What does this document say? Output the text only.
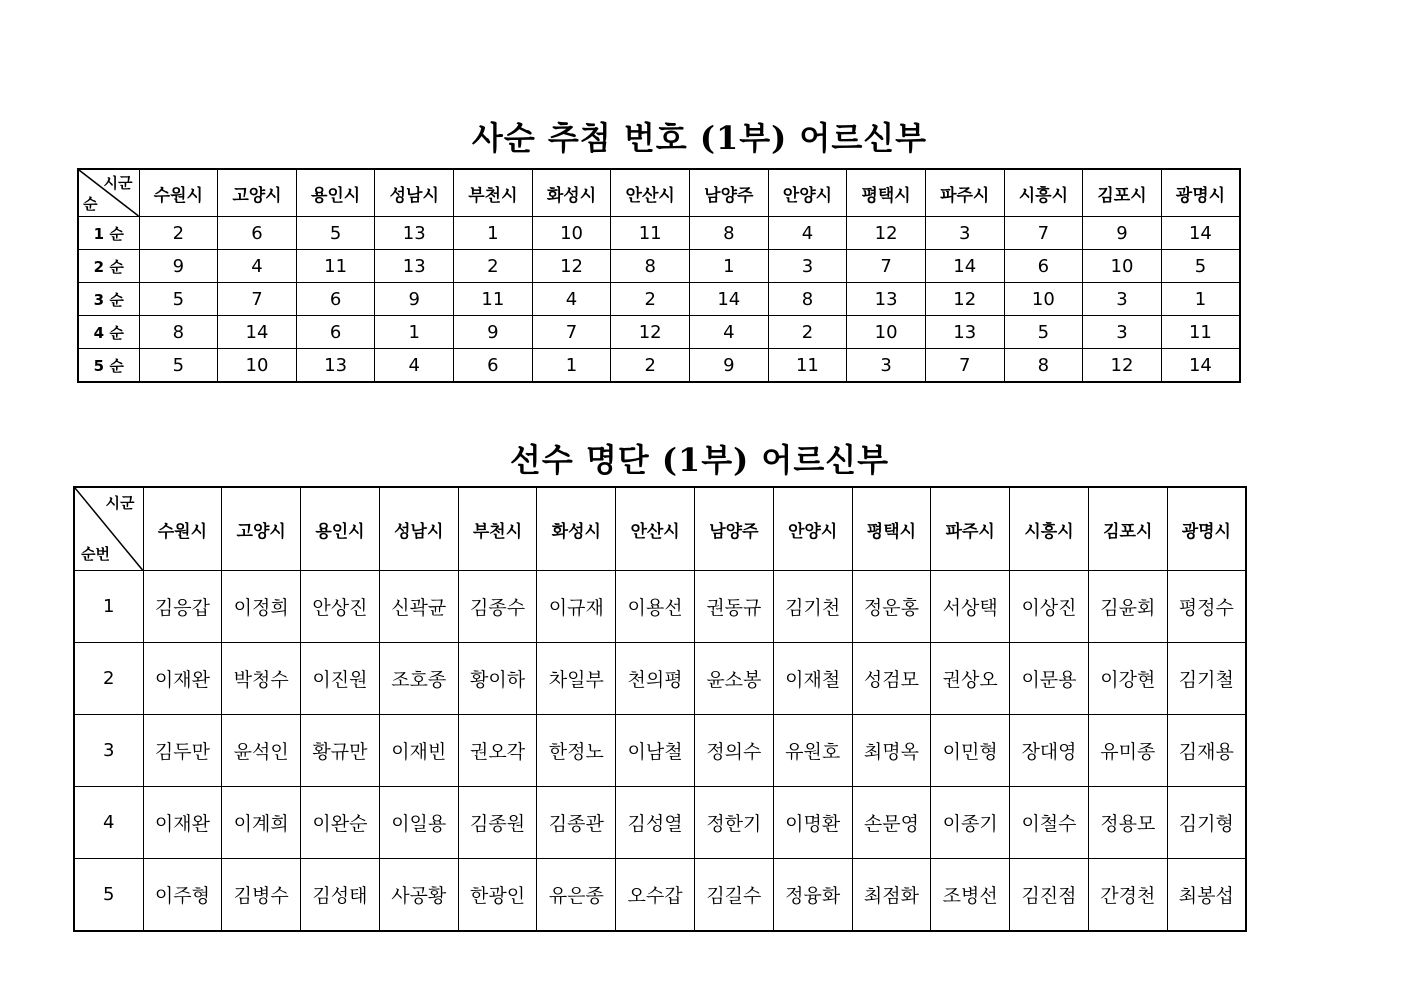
사순 추첨 번호 (1부) 어르신부
시군
순	수원시	고양시	용인시	성남시	부천시	화성시	안산시	남양주	안양시	평택시	파주시	시흥시	김포시	광명시
1 순	2	6	5	13	1	10	11	8	4	12	3	7	9	14
2 순	9	4	11	13	2	12	8	1	3	7	14	6	10	5
3 순	5	7	6	9	11	4	2	14	8	13	12	10	3	1
4 순	8	14	6	1	9	7	12	4	2	10	13	5	3	11
5 순	5	10	13	4	6	1	2	9	11	3	7	8	12	14
선수 명단 (1부) 어르신부
시군
순번	수원시	고양시	용인시	성남시	부천시	화성시	안산시	남양주	안양시	평택시	파주시	시흥시	김포시	광명시
1	김응갑	이정희	안상진	신곽균	김종수	이규재	이용선	권동규	김기천	정운홍	서상택	이상진	김윤회	평정수
2	이재완	박청수	이진원	조호종	황이하	차일부	천의평	윤소봉	이재철	성검모	권상오	이문용	이강현	김기철
3	김두만	윤석인	황규만	이재빈	권오각	한정노	이남철	정의수	유원호	최명옥	이민형	장대영	유미종	김재용
4	이재완	이계희	이완순	이일용	김종원	김종관	김성열	정한기	이명환	손문영	이종기	이철수	정용모	김기형
5	이주형	김병수	김성태	사공황	한광인	유은종	오수갑	김길수	정융화	최점화	조병선	김진점	간경천	최봉섭
